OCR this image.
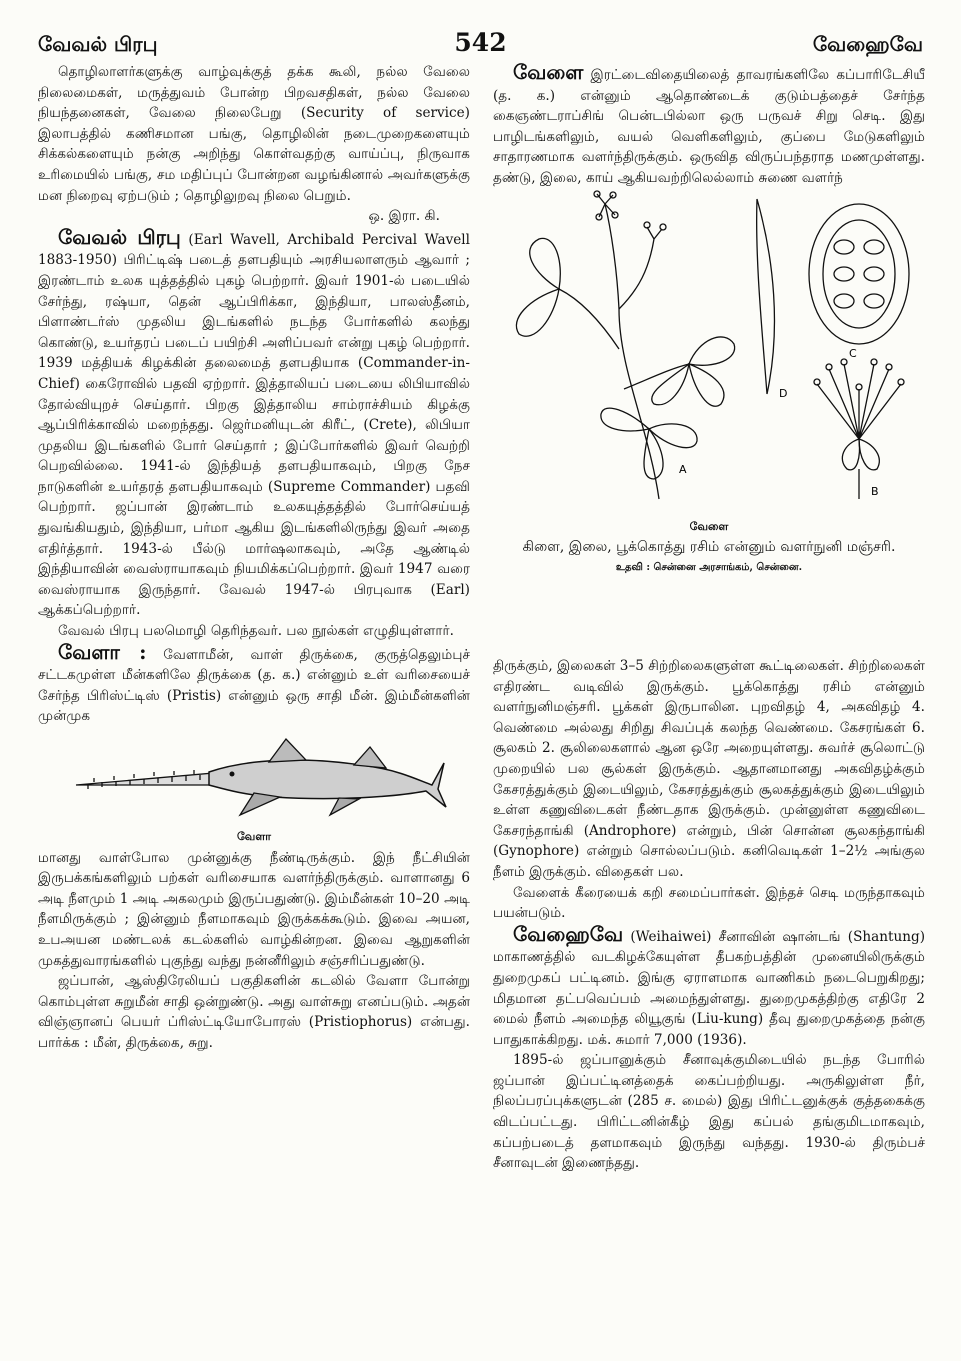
வேவல் பிரபு	542	வேஹைவே

தொழிலாளர்களுக்கு வாழ்வுக்குத் தக்க கூலி, நல்ல வேலை நிலைமைகள், மருத்துவம் போன்ற பிறவசதிகள், நல்ல வேலை நியந்தனைகள், வேலை நிலைபேறு (Security of service) இலாபத்தில் கணிசமான பங்கு, தொழிலின் நடைமுறைகளையும் சிக்கல்களையும் நன்கு அறிந்து கொள்வதற்கு வாய்ப்பு, நிருவாக உரிமையில் பங்கு, சம மதிப்புப் போன்றன வழங்கினால் அவர்களுக்கு மன நிறைவு ஏற்படும் ; தொழிலுறவு நிலை பெறும்.

ஒ. இரா. கி.

வேவல் பிரபு (Earl Wavell, Archibald Percival Wavell 1883-1950) பிரிட்டிஷ் படைத் தளபதியும் அரசியலாளரும் ஆவார் ; இரண்டாம் உலக யுத்தத்தில் புகழ் பெற்றார். இவர் 1901-ல் படையில் சேர்ந்து, ரஷ்யா, தென் ஆப்பிரிக்கா, இந்தியா, பாலஸ்தீனம், பிளாண்டர்ஸ் முதலிய இடங்களில் நடந்த போர்களில் கலந்து கொண்டு, உயர்தரப் படைப் பயிற்சி அளிப்பவர் என்று புகழ் பெற்றார். 1939 மத்தியக் கிழக்கின் தலைமைத் தளபதியாக (Commander-in-Chief) கைரோவில் பதவி ஏற்றார். இத்தாலியப் படையை லிபியாவில் தோல்வியுறச் செய்தார். பிறகு இத்தாலிய சாம்ராச்சியம் கிழக்கு ஆப்பிரிக்காவில் மறைந்தது. ஜெர்மனியுடன் கிரீட், (Crete), லிபியா முதலிய இடங்களில் போர் செய்தார் ; இப்போர்களில் இவர் வெற்றி பெறவில்லை. 1941-ல் இந்தியத் தளபதியாகவும், பிறகு நேச நாடுகளின் உயர்தரத் தளபதியாகவும் (Supreme Commander) பதவி பெற்றார். ஜப்பான் இரண்டாம் உலகயுத்தத்தில் போர்செய்யத் துவங்கியதும், இந்தியா, பர்மா ஆகிய இடங்களிலிருந்து இவர் அதை எதிர்த்தார். 1943-ல் பீல்டு மார்ஷலாகவும், அதே ஆண்டில் இந்தியாவின் வைஸ்ராயாகவும் நியமிக்கப்பெற்றார். இவர் 1947 வரை வைஸ்ராயாக இருந்தார். வேவல் 1947-ல் பிரபுவாக (Earl) ஆக்கப்பெற்றார்.

வேவல் பிரபு பலமொழி தெரிந்தவர். பல நூல்கள் எழுதியுள்ளார்.

வேளா : வேளாமீன், வாள் திருக்கை, குருத்தெலும்புச் சட்டகமுள்ள மீன்களிலே திருக்கை (த. க.) என்னும் உள் வரிசையைச் சேர்ந்த பிரிஸ்ட்டிஸ் (Pristis) என்னும் ஒரு சாதி மீன். இம்மீன்களின் முன்முக

வேளா

மானது வாள்போல முன்னுக்கு நீண்டிருக்கும். இந் நீட்சியின் இருபக்கங்களிலும் பற்கள் வரிசையாக வளர்ந்திருக்கும். வாளானது 6 அடி நீளமும் 1 அடி அகலமும் இருப்பதுண்டு. இம்மீன்கள் 10–20 அடி நீளமிருக்கும் ; இன்னும் நீளமாகவும் இருக்கக்கூடும். இவை அயன, உபஅயன மண்டலக் கடல்களில் வாழ்கின்றன. இவை ஆறுகளின் முகத்துவாரங்களில் புகுந்து வந்து நன்னீரிலும் சஞ்சரிப்பதுண்டு.

ஜப்பான், ஆஸ்திரேலியப் பகுதிகளின் கடலில் வேளா போன்று கொம்புள்ள சுறுமீன் சாதி ஒன்றுண்டு. அது வாள்சுறு எனப்படும். அதன் விஞ்ஞானப் பெயர் ப்ரிஸ்ட்டியோபோரஸ் (Pristiophorus) என்பது. பார்க்க : மீன், திருக்கை, சுறு.

வேளை இரட்டைவிதையிலைத் தாவரங்களிலே கப்பாரிடேசியீ (த. க.) என்னும் ஆதொண்டைக் குடும்பத்தைச் சேர்ந்த கைஞண்டராப்சிங் பென்டபில்லா ஒரு பருவச் சிறு செடி. இது பாழிடங்களிலும், வயல் வெளிகளிலும், குப்பை மேடுகளிலும் சாதாரணமாக வளர்ந்திருக்கும். ஒருவித விருப்பந்தராத மணமுள்ளது. தண்டு, இலை, காய் ஆகியவற்றிலெல்லாம் சுணை வளர்ந்

A
C
D
B
வேளை
கிளை, இலை, பூக்கொத்து ரசிம் என்னும் வளர்நுனி மஞ்சரி.
உதவி : சென்னை அரசாங்கம், சென்னை.

திருக்கும், இலைகள் 3–5 சிற்றிலைகளுள்ள கூட்டிலைகள். சிற்றிலைகள் எதிரண்ட வடிவில் இருக்கும். பூக்கொத்து ரசிம் என்னும் வளர்நுனிமஞ்சரி. பூக்கள் இருபாலின. புறவிதழ் 4, அகவிதழ் 4. வெண்மை அல்லது சிறிது சிவப்புக் கலந்த வெண்மை. கேசரங்கள் 6. சூலகம் 2. சூலிலைகளால் ஆன ஒரே அறையுள்ளது. சுவர்ச் சூலொட்டு முறையில் பல சூல்கள் இருக்கும். ஆதானமானது அகவிதழ்க்கும் கேசரத்துக்கும் இடையிலும், கேசரத்துக்கும் சூலகத்துக்கும் இடையிலும் உள்ள கணுவிடைகள் நீண்டதாக இருக்கும். முன்னுள்ள கணுவிடை கேசரந்தாங்கி (Androphore) என்றும், பின் சொன்ன சூலகந்தாங்கி (Gynophore) என்றும் சொல்லப்படும். கனிவெடிகள் 1–2½ அங்குல நீளம் இருக்கும். விதைகள் பல.

வேளைக் கீரையைக் கறி சமைப்பார்கள். இந்தச் செடி மருந்தாகவும் பயன்படும்.

வேஹைவே (Weihaiwei) சீனாவின் ஷான்டங் (Shantung) மாகாணத்தில் வடகிழக்கேயுள்ள தீபகற்பத்தின் முனையிலிருக்கும் துறைமுகப் பட்டினம். இங்கு ஏராளமாக வாணிகம் நடைபெறுகிறது; மிதமான தட்பவெப்பம் அமைந்துள்ளது. துறைமுகத்திற்கு எதிரே 2 மைல் நீளம் அமைந்த லியூகுங் (Liu-kung) தீவு துறைமுகத்தை நன்கு பாதுகாக்கிறது. மக். சுமார் 7,000 (1936).

1895-ல் ஜப்பானுக்கும் சீனாவுக்குமிடையில் நடந்த போரில் ஜப்பான் இப்பட்டினத்தைக் கைப்பற்றியது. அருகிலுள்ள நீர், நிலப்பரப்புக்களுடன் (285 ச. மைல்) இது பிரிட்டனுக்குக் குத்தகைக்கு விடப்பட்டது. பிரிட்டனின்கீழ் இது கப்பல் தங்குமிடமாகவும், கப்பற்படைத் தளமாகவும் இருந்து வந்தது. 1930-ல் திரும்பச் சீனாவுடன் இணைந்தது.
